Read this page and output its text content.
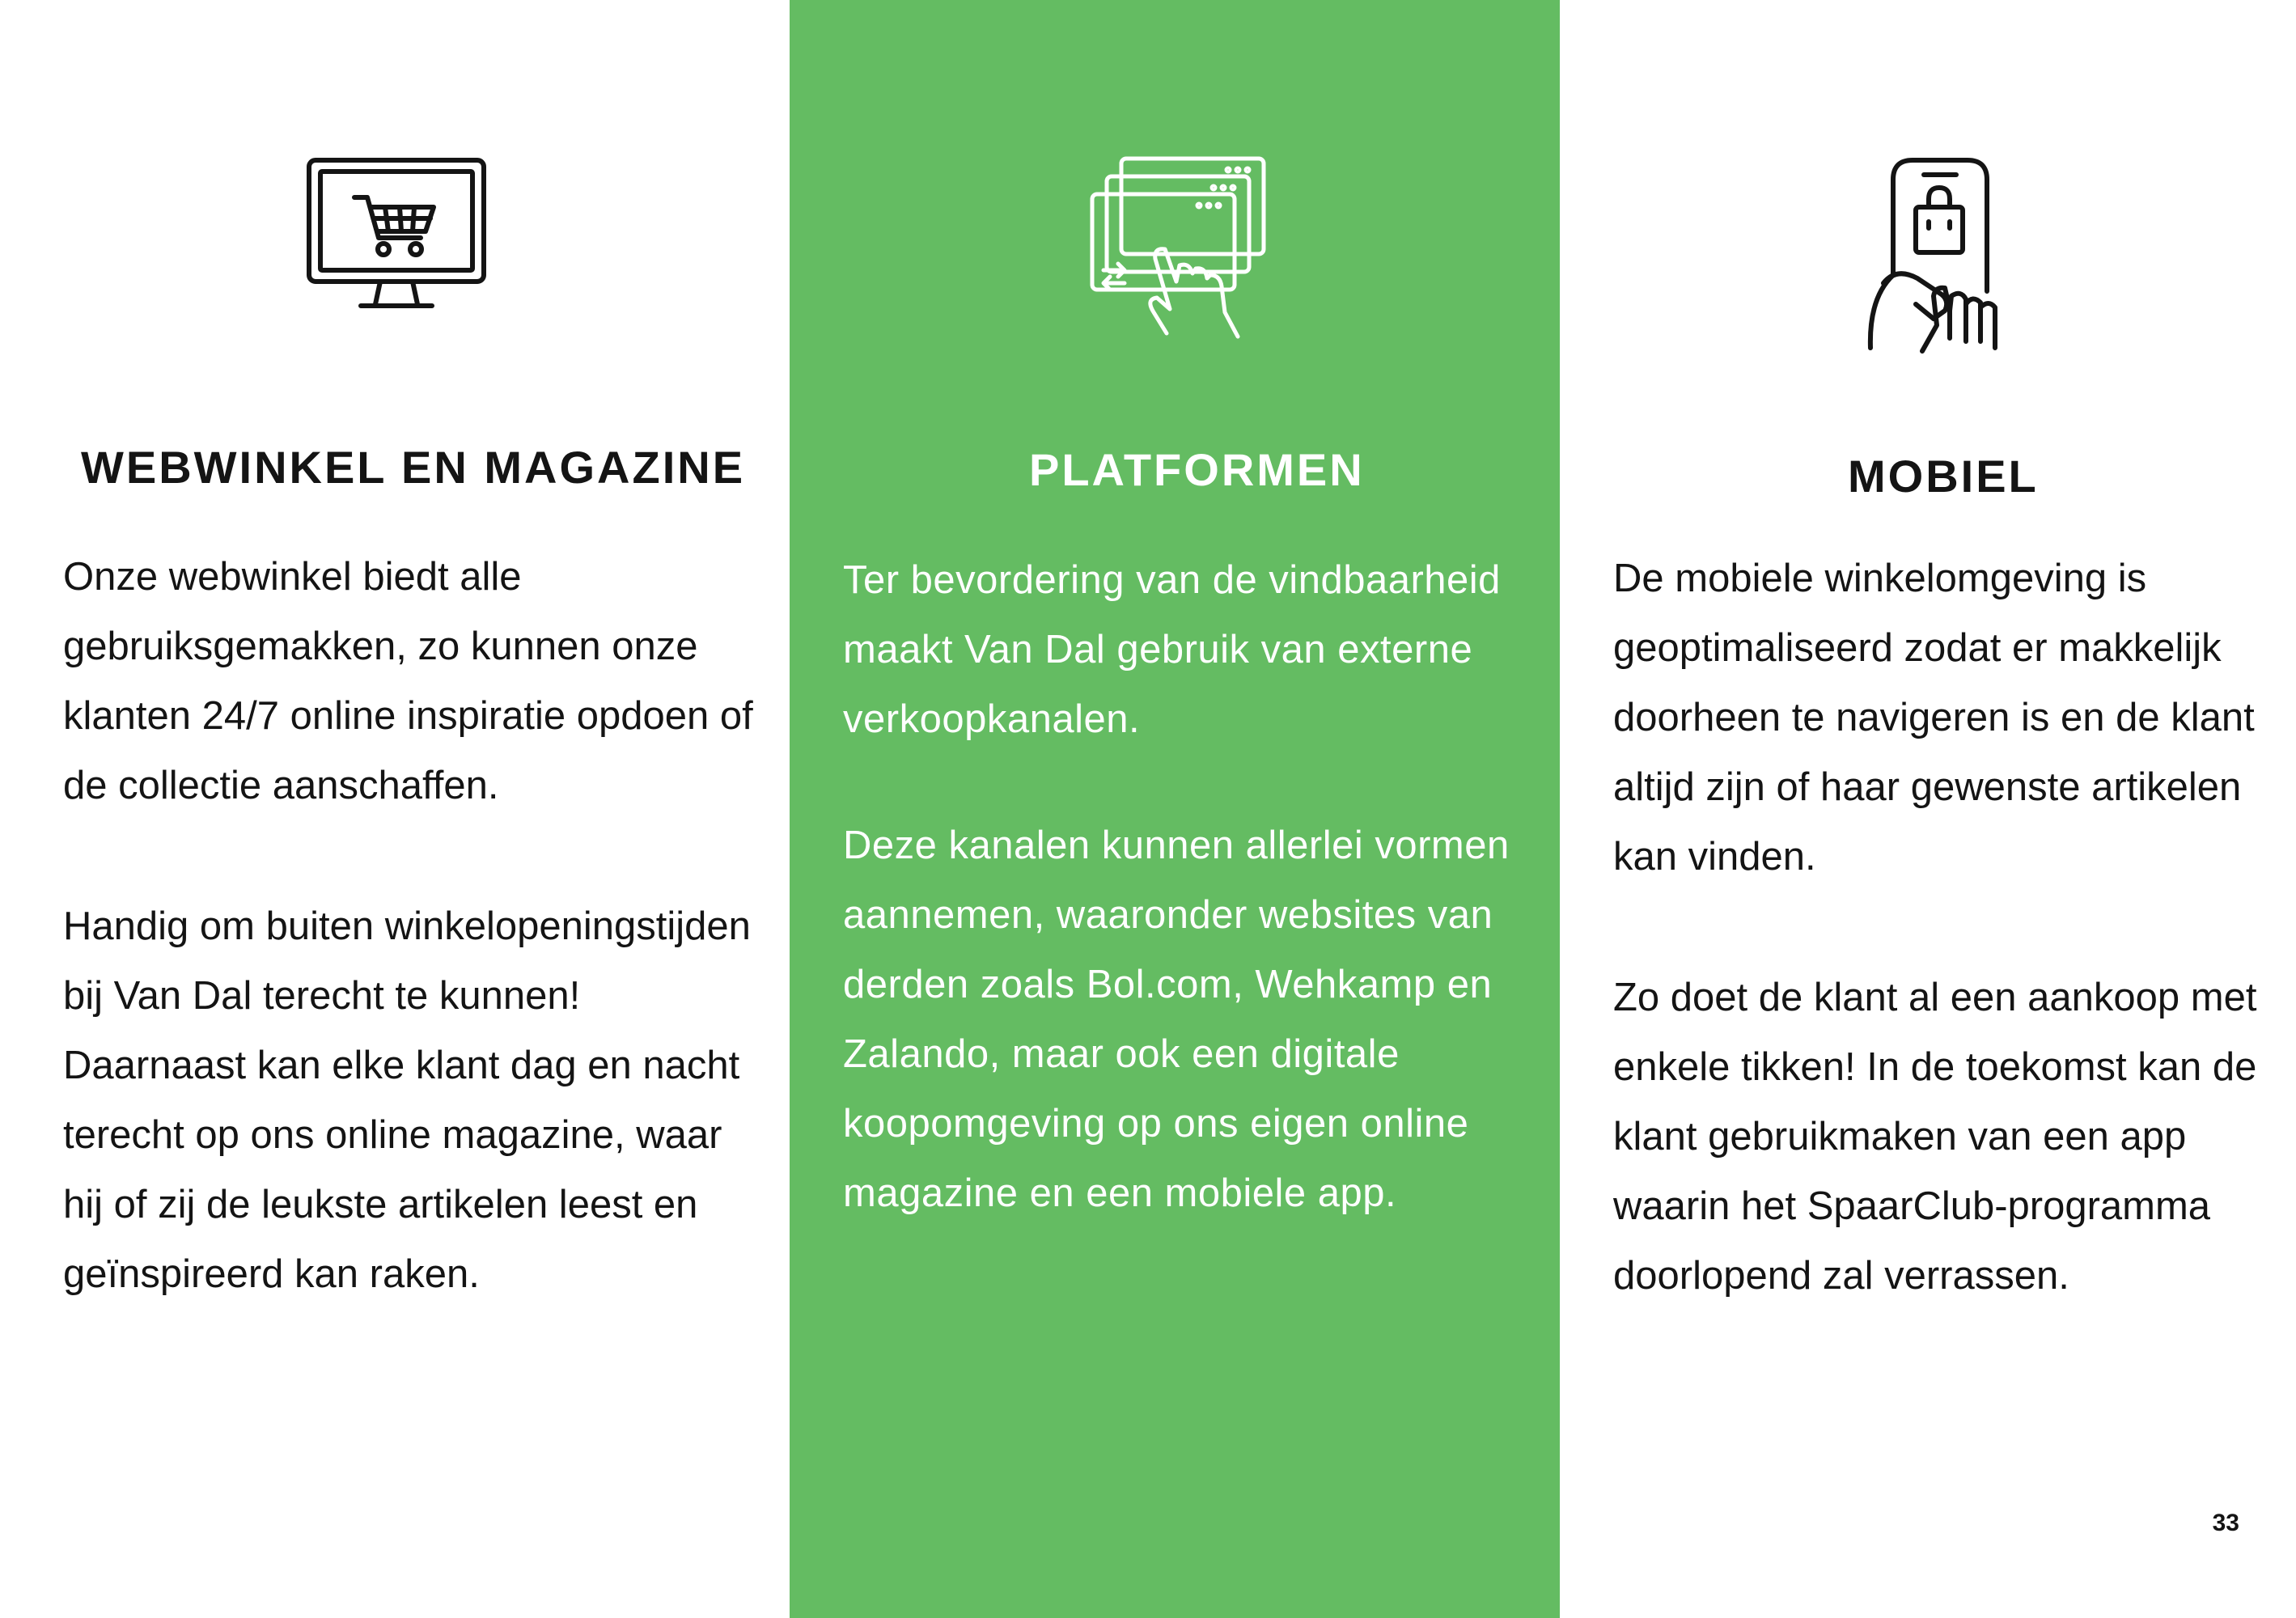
WEBWINKEL EN MAGAZINE

Onze webwinkel biedt alle gebruiksgemakken, zo kunnen onze klanten 24/7 online inspiratie opdoen of de collectie aanschaffen.

Handig om buiten winkelopeningstijden bij Van Dal terecht te kunnen! Daarnaast kan elke klant dag en nacht terecht op ons online magazine, waar hij of zij de leukste artikelen leest en geïnspireerd kan raken.

PLATFORMEN

Ter bevordering van de vindbaarheid maakt Van Dal gebruik van externe verkoopkanalen.

Deze kanalen kunnen allerlei vormen aannemen, waaronder websites van derden zoals Bol.com, Wehkamp en Zalando, maar ook een digitale koopomgeving op ons eigen online magazine en een mobiele app.

MOBIEL

De mobiele winkelomgeving is geoptimaliseerd zodat er makkelijk doorheen te navigeren is en de klant altijd zijn of haar gewenste artikelen kan vinden.

Zo doet de klant al een aankoop met enkele tikken! In de toekomst kan de klant gebruikmaken van een app waarin het SpaarClub-programma doorlopend zal verrassen.

33
